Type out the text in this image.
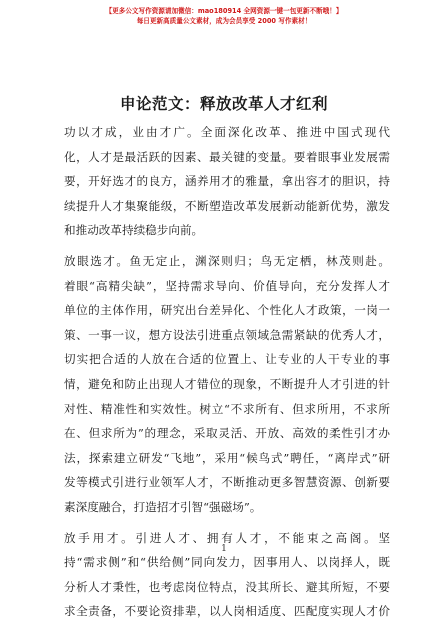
【更多公文写作资源请加微信：mao180914 全网资源一键一包更新不断哦！】
每日更新高质量公文素材，成为会员享受 2000 写作素材！
申论范文：释放改革人才红利
功以才成，业由才广。全面深化改革、推进中国式现代
化，人才是最活跃的因素、最关键的变量。要着眼事业发展需
要，开好选才的良方，涵养用才的雅量，拿出容才的胆识，持
续提升人才集聚能级，不断塑造改革发展新动能新优势，激发
和推动改革持续稳步向前。
放眼选才。鱼无定止，渊深则归；鸟无定栖，林茂则赴。
着眼“高精尖缺”，坚持需求导向、价值导向，充分发挥人才
单位的主体作用，研究出台差异化、个性化人才政策，一岗一
策、一事一议，想方设法引进重点领域急需紧缺的优秀人才，
切实把合适的人放在合适的位置上、让专业的人干专业的事
情，避免和防止出现人才错位的现象，不断提升人才引进的针
对性、精准性和实效性。树立“不求所有、但求所用，不求所
在、但求所为”的理念，采取灵活、开放、高效的柔性引才办
法，探索建立研发“飞地”，采用“候鸟式”聘任，“离岸式”研
发等模式引进行业领军人才，不断推动更多智慧资源、创新要
素深度融合，打造招才引智“强磁场”。
放手用才。引进人才、拥有人才，不能束之高阁。坚
持“需求侧”和“供给侧”同向发力，因事用人、以岗择人，既
分析人才秉性，也考虑岗位特点，没其所长、避其所短，不要
求全责备，不要论资排辈，以人岗相适度、匹配度实现人才价
1
